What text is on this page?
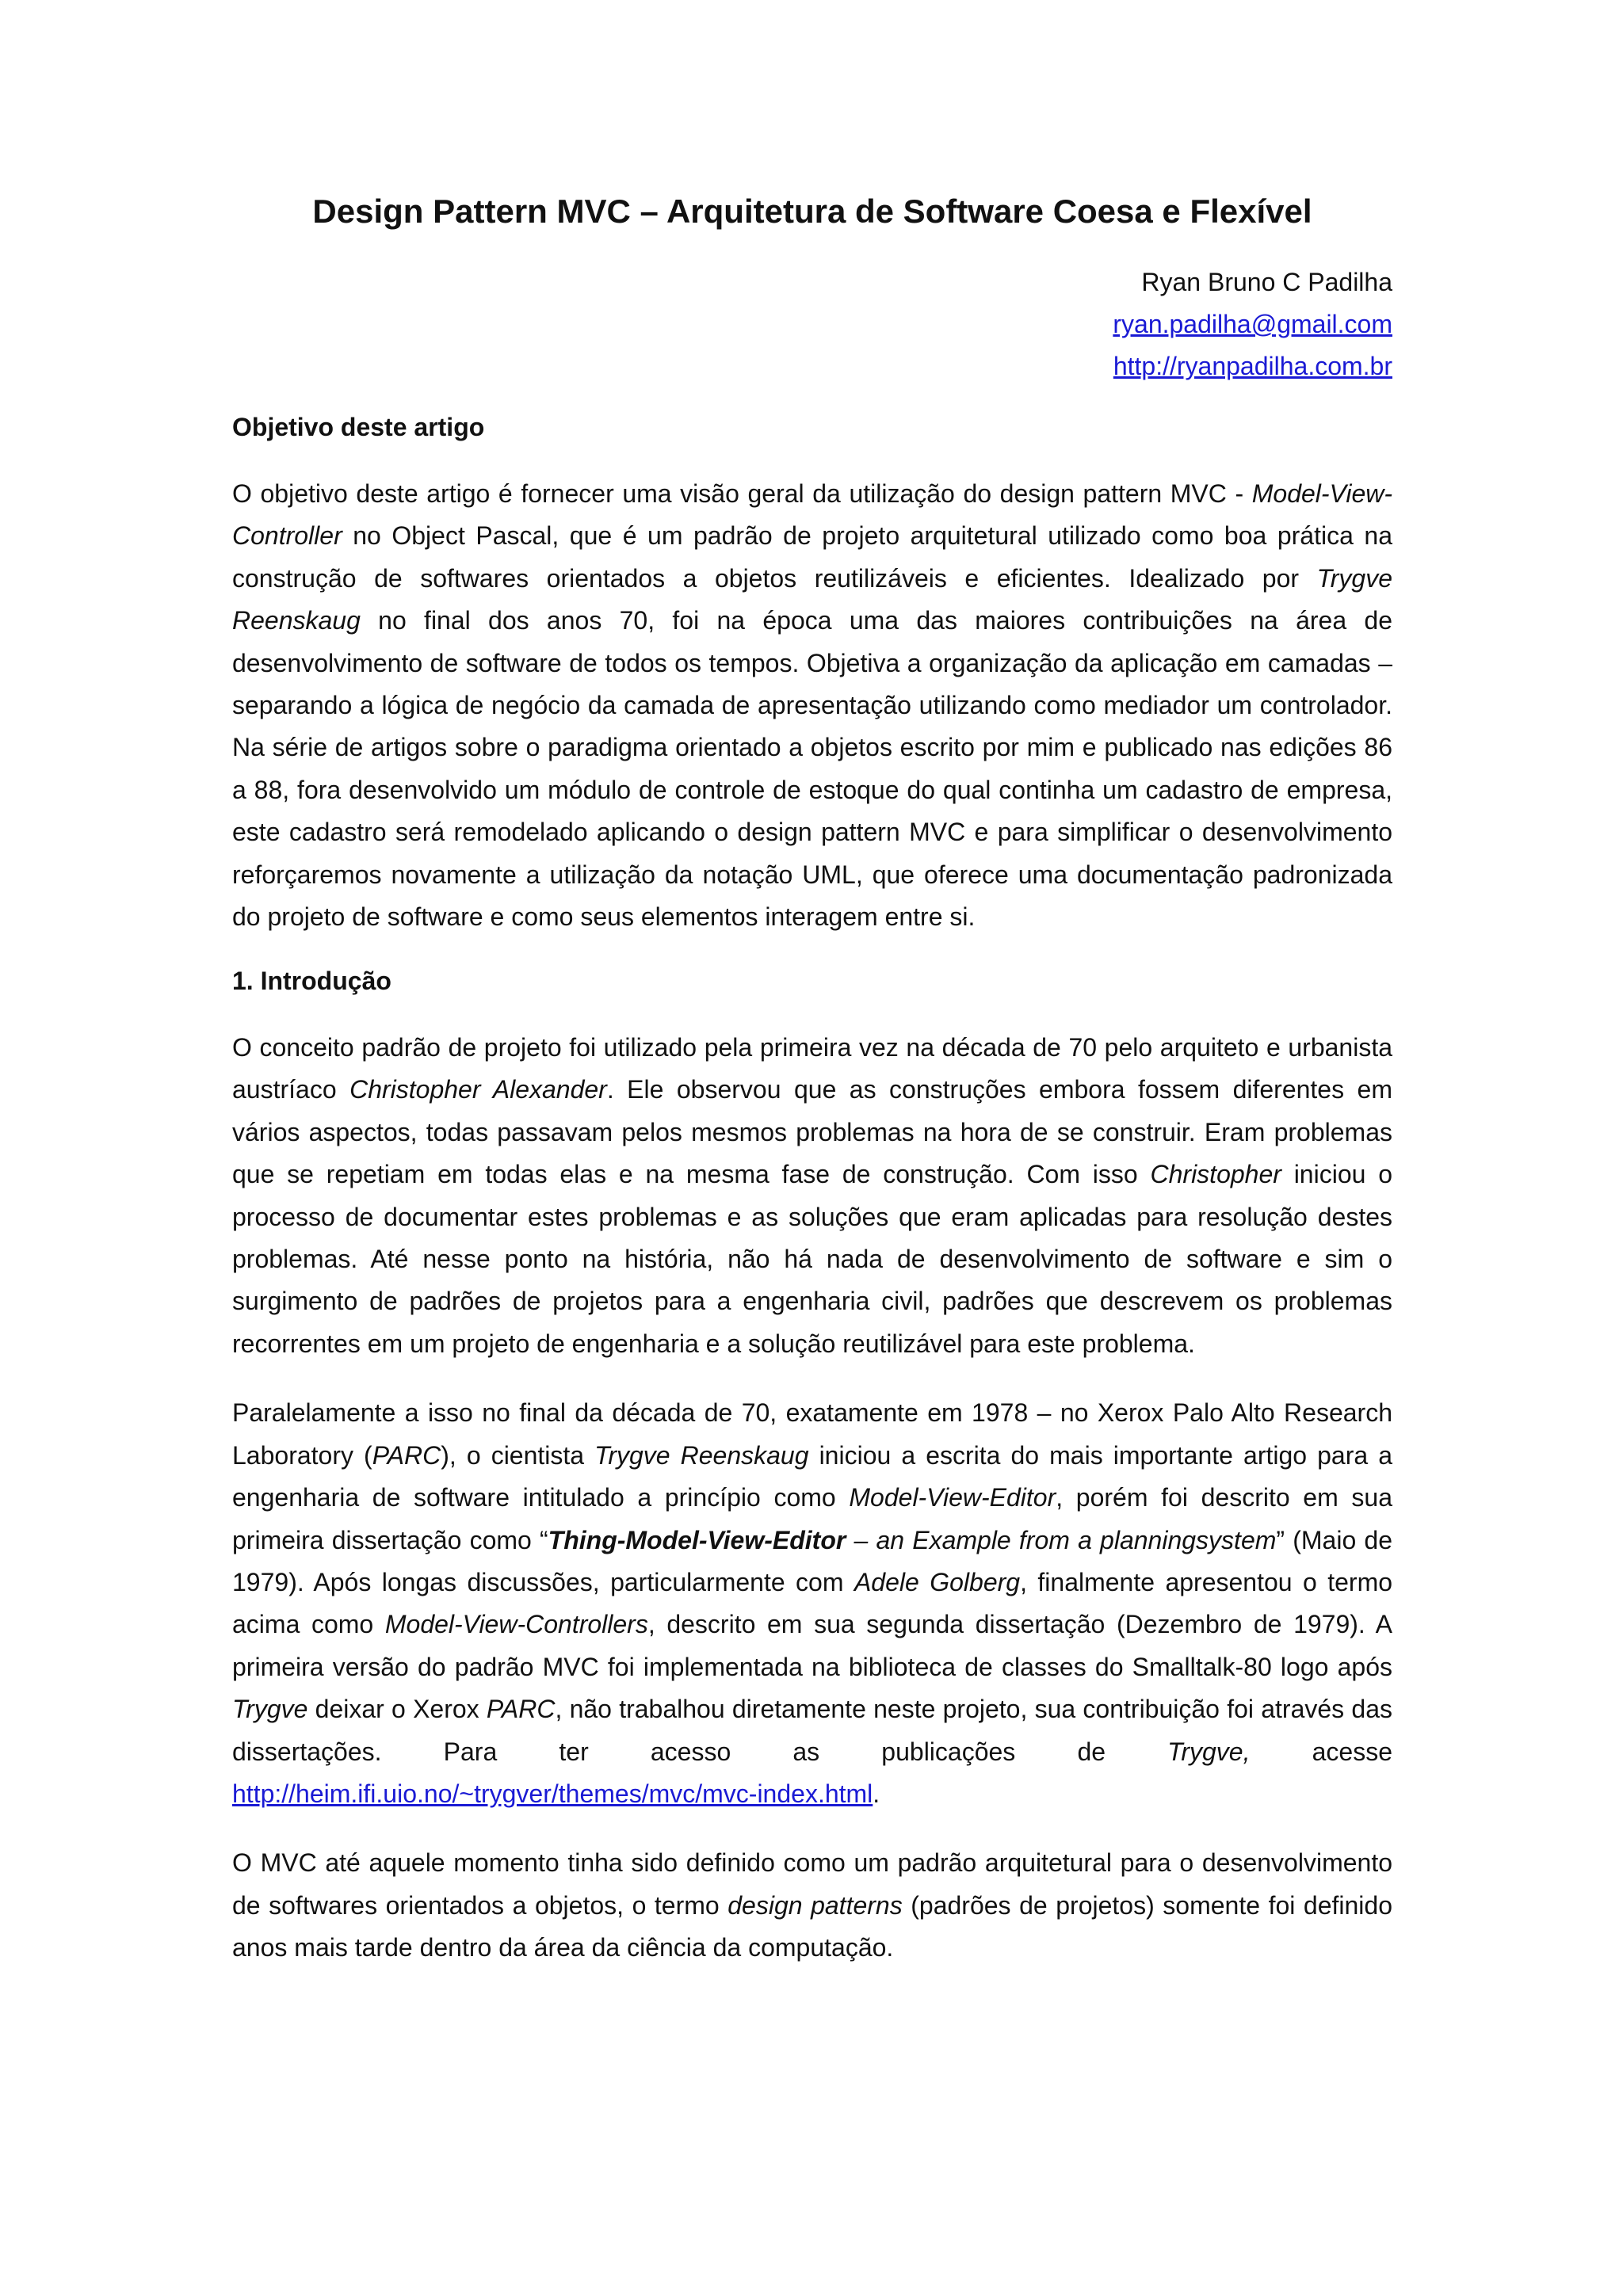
Design Pattern MVC – Arquitetura de Software Coesa e Flexível
Ryan Bruno C Padilha
ryan.padilha@gmail.com
http://ryanpadilha.com.br
Objetivo deste artigo

O objetivo deste artigo é fornecer uma visão geral da utilização do design pattern MVC - Model-View-Controller no Object Pascal, que é um padrão de projeto arquitetural utilizado como boa prática na construção de softwares orientados a objetos reutilizáveis e eficientes. Idealizado por Trygve Reenskaug no final dos anos 70, foi na época uma das maiores contribuições na área de desenvolvimento de software de todos os tempos. Objetiva a organização da aplicação em camadas – separando a lógica de negócio da camada de apresentação utilizando como mediador um controlador. Na série de artigos sobre o paradigma orientado a objetos escrito por mim e publicado nas edições 86 a 88, fora desenvolvido um módulo de controle de estoque do qual continha um cadastro de empresa, este cadastro será remodelado aplicando o design pattern MVC e para simplificar o desenvolvimento reforçaremos novamente a utilização da notação UML, que oferece uma documentação padronizada do projeto de software e como seus elementos interagem entre si.

1. Introdução

O conceito padrão de projeto foi utilizado pela primeira vez na década de 70 pelo arquiteto e urbanista austríaco Christopher Alexander. Ele observou que as construções embora fossem diferentes em vários aspectos, todas passavam pelos mesmos problemas na hora de se construir. Eram problemas que se repetiam em todas elas e na mesma fase de construção. Com isso Christopher iniciou o processo de documentar estes problemas e as soluções que eram aplicadas para resolução destes problemas. Até nesse ponto na história, não há nada de desenvolvimento de software e sim o surgimento de padrões de projetos para a engenharia civil, padrões que descrevem os problemas recorrentes em um projeto de engenharia e a solução reutilizável para este problema.

Paralelamente a isso no final da década de 70, exatamente em 1978 – no Xerox Palo Alto Research Laboratory (PARC), o cientista Trygve Reenskaug iniciou a escrita do mais importante artigo para a engenharia de software intitulado a princípio como Model-View-Editor, porém foi descrito em sua primeira dissertação como “Thing-Model-View-Editor – an Example from a planningsystem” (Maio de 1979). Após longas discussões, particularmente com Adele Golberg, finalmente apresentou o termo acima como Model-View-Controllers, descrito em sua segunda dissertação (Dezembro de 1979). A primeira versão do padrão MVC foi implementada na biblioteca de classes do Smalltalk-80 logo após Trygve deixar o Xerox PARC, não trabalhou diretamente neste projeto, sua contribuição foi através das dissertações. Para ter acesso as publicações de Trygve, acesse http://heim.ifi.uio.no/~trygver/themes/mvc/mvc-index.html.

O MVC até aquele momento tinha sido definido como um padrão arquitetural para o desenvolvimento de softwares orientados a objetos, o termo design patterns (padrões de projetos) somente foi definido anos mais tarde dentro da área da ciência da computação.
